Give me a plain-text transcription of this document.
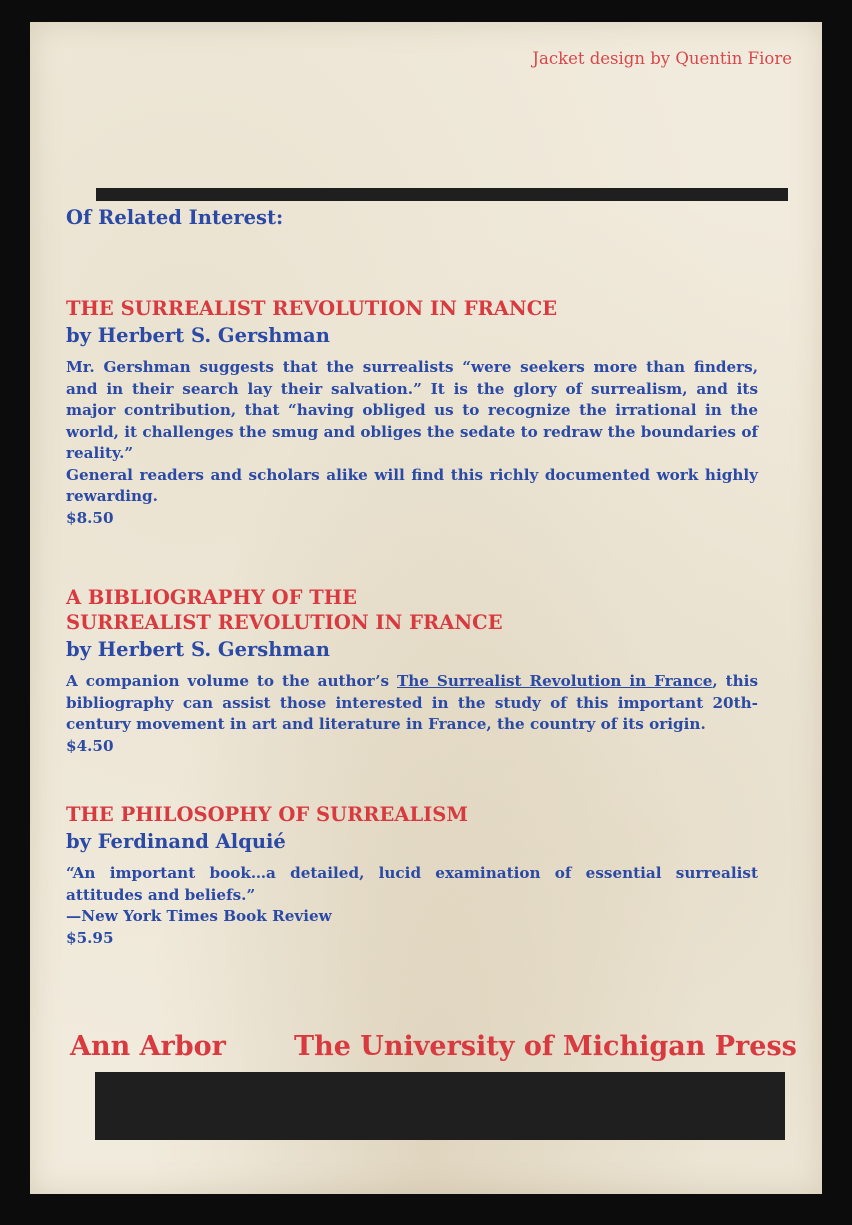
Jacket design by Quentin Fiore
Of Related Interest:
THE SURREALIST REVOLUTION IN FRANCE
by Herbert S. Gershman

Mr. Gershman suggests that the surrealists “were seekers more than finders, and in their search lay their salvation.” It is the glory of surrealism, and its major contribution, that “having obliged us to recognize the irrational in the world, it challenges the smug and obliges the sedate to redraw the boundaries of reality.”

General readers and scholars alike will find this richly documented work highly rewarding.

$8.50
A BIBLIOGRAPHY OF THE
SURREALIST REVOLUTION IN FRANCE
by Herbert S. Gershman

A companion volume to the author’s The Surrealist Revolution in France, this bibliography can assist those interested in the study of this important 20th-century movement in art and literature in France, the country of its origin.

$4.50
THE PHILOSOPHY OF SURREALISM
by Ferdinand Alquié

“An important book…a detailed, lucid examination of essential surrealist attitudes and beliefs.”

—New York Times Book Review

$5.95
Ann Arbor	The University of Michigan Press
